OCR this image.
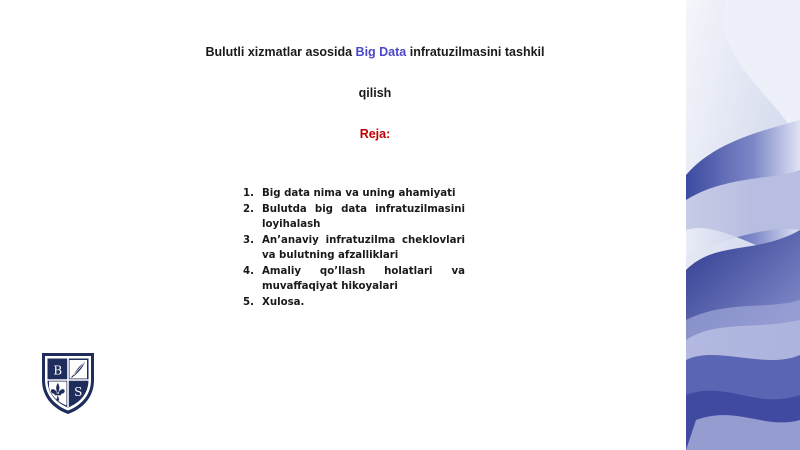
Bulutli xizmatlar asosida Big Data infratuzilmasini tashkil
qilish
Reja:
1. Big data nima va uning ahamiyati
2. Bulutda big data infratuzilmasini loyihalash
3. An’anaviy infratuzilma cheklovlari va bulutning afzalliklari
4. Amaliy qo’llash holatlari va muvaffaqiyat hikoyalari
5. Xulosa.
B
S
